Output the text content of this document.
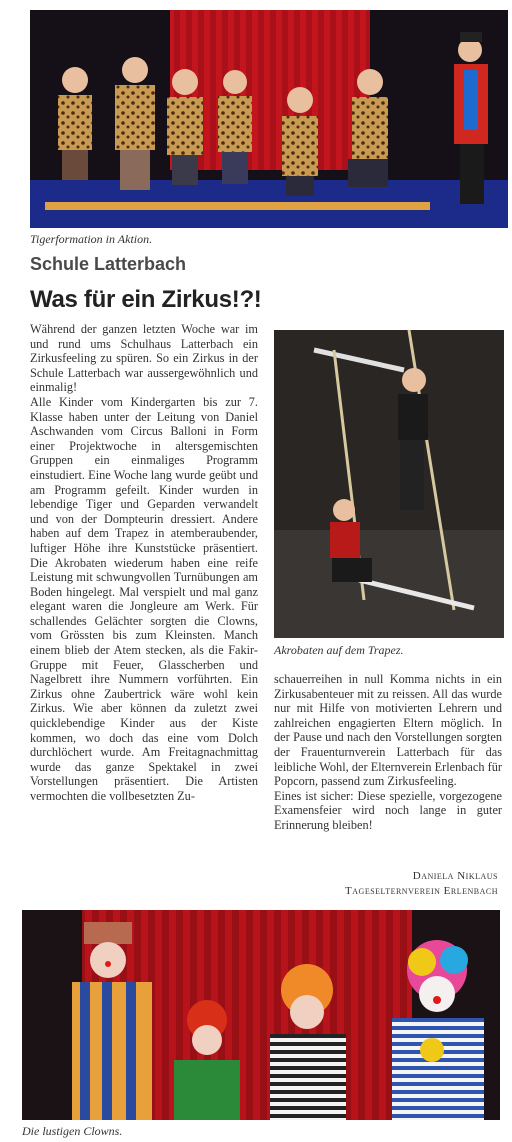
Tigerformation in Aktion.
Schule Latterbach
Was für ein Zirkus!?!

Während der ganzen letzten Woche war im und rund ums Schulhaus Latterbach ein Zirkusfeeling zu spüren. So ein Zirkus in der Schule Latterbach war aussergewöhnlich und einmalig!

Alle Kinder vom Kindergarten bis zur 7. Klasse haben unter der Leitung von Daniel Aschwanden vom Circus Balloni in Form einer Projektwoche in altersgemischten Gruppen ein einmaliges Programm einstudiert. Eine Woche lang wurde geübt und am Programm gefeilt. Kinder wurden in lebendige Tiger und Geparden verwandelt und von der Dompteurin dressiert. Andere haben auf dem Trapez in atemberaubender, luftiger Höhe ihre Kunststücke präsentiert. Die Akrobaten wiederum haben eine reife Leistung mit schwungvollen Turnübungen am Boden hingelegt. Mal verspielt und mal ganz elegant waren die Jongleure am Werk. Für schallendes Gelächter sorgten die Clowns, vom Grössten bis zum Kleinsten. Manch einem blieb der Atem stecken, als die Fakir-Gruppe mit Feuer, Glasscherben und Nagelbrett ihre Nummern vorführten. Ein Zirkus ohne Zaubertrick wäre wohl kein Zirkus. Wie aber können da zuletzt zwei quicklebendige Kinder aus der Kiste kommen, wo doch das eine vom Dolch durchlöchert wurde. Am Freitagnachmittag wurde das ganze Spektakel in zwei Vorstellungen präsentiert. Die Artisten vermochten die vollbesetzten Zu-

Akrobaten auf dem Trapez.

schauerreihen in null Komma nichts in ein Zirkusabenteuer mit zu reissen. All das wurde nur mit Hilfe von motivierten Lehrern und zahlreichen engagierten Eltern möglich. In der Pause und nach den Vorstellungen sorgten der Frauenturnverein Latterbach für das leibliche Wohl, der Elternverein Erlenbach für Popcorn, passend zum Zirkusfeeling.

Eines ist sicher: Diese spezielle, vorgezogene Examensfeier wird noch lange in guter Erinnerung bleiben!

Daniela Niklaus
Tageselternverein Erlenbach
Die lustigen Clowns.
